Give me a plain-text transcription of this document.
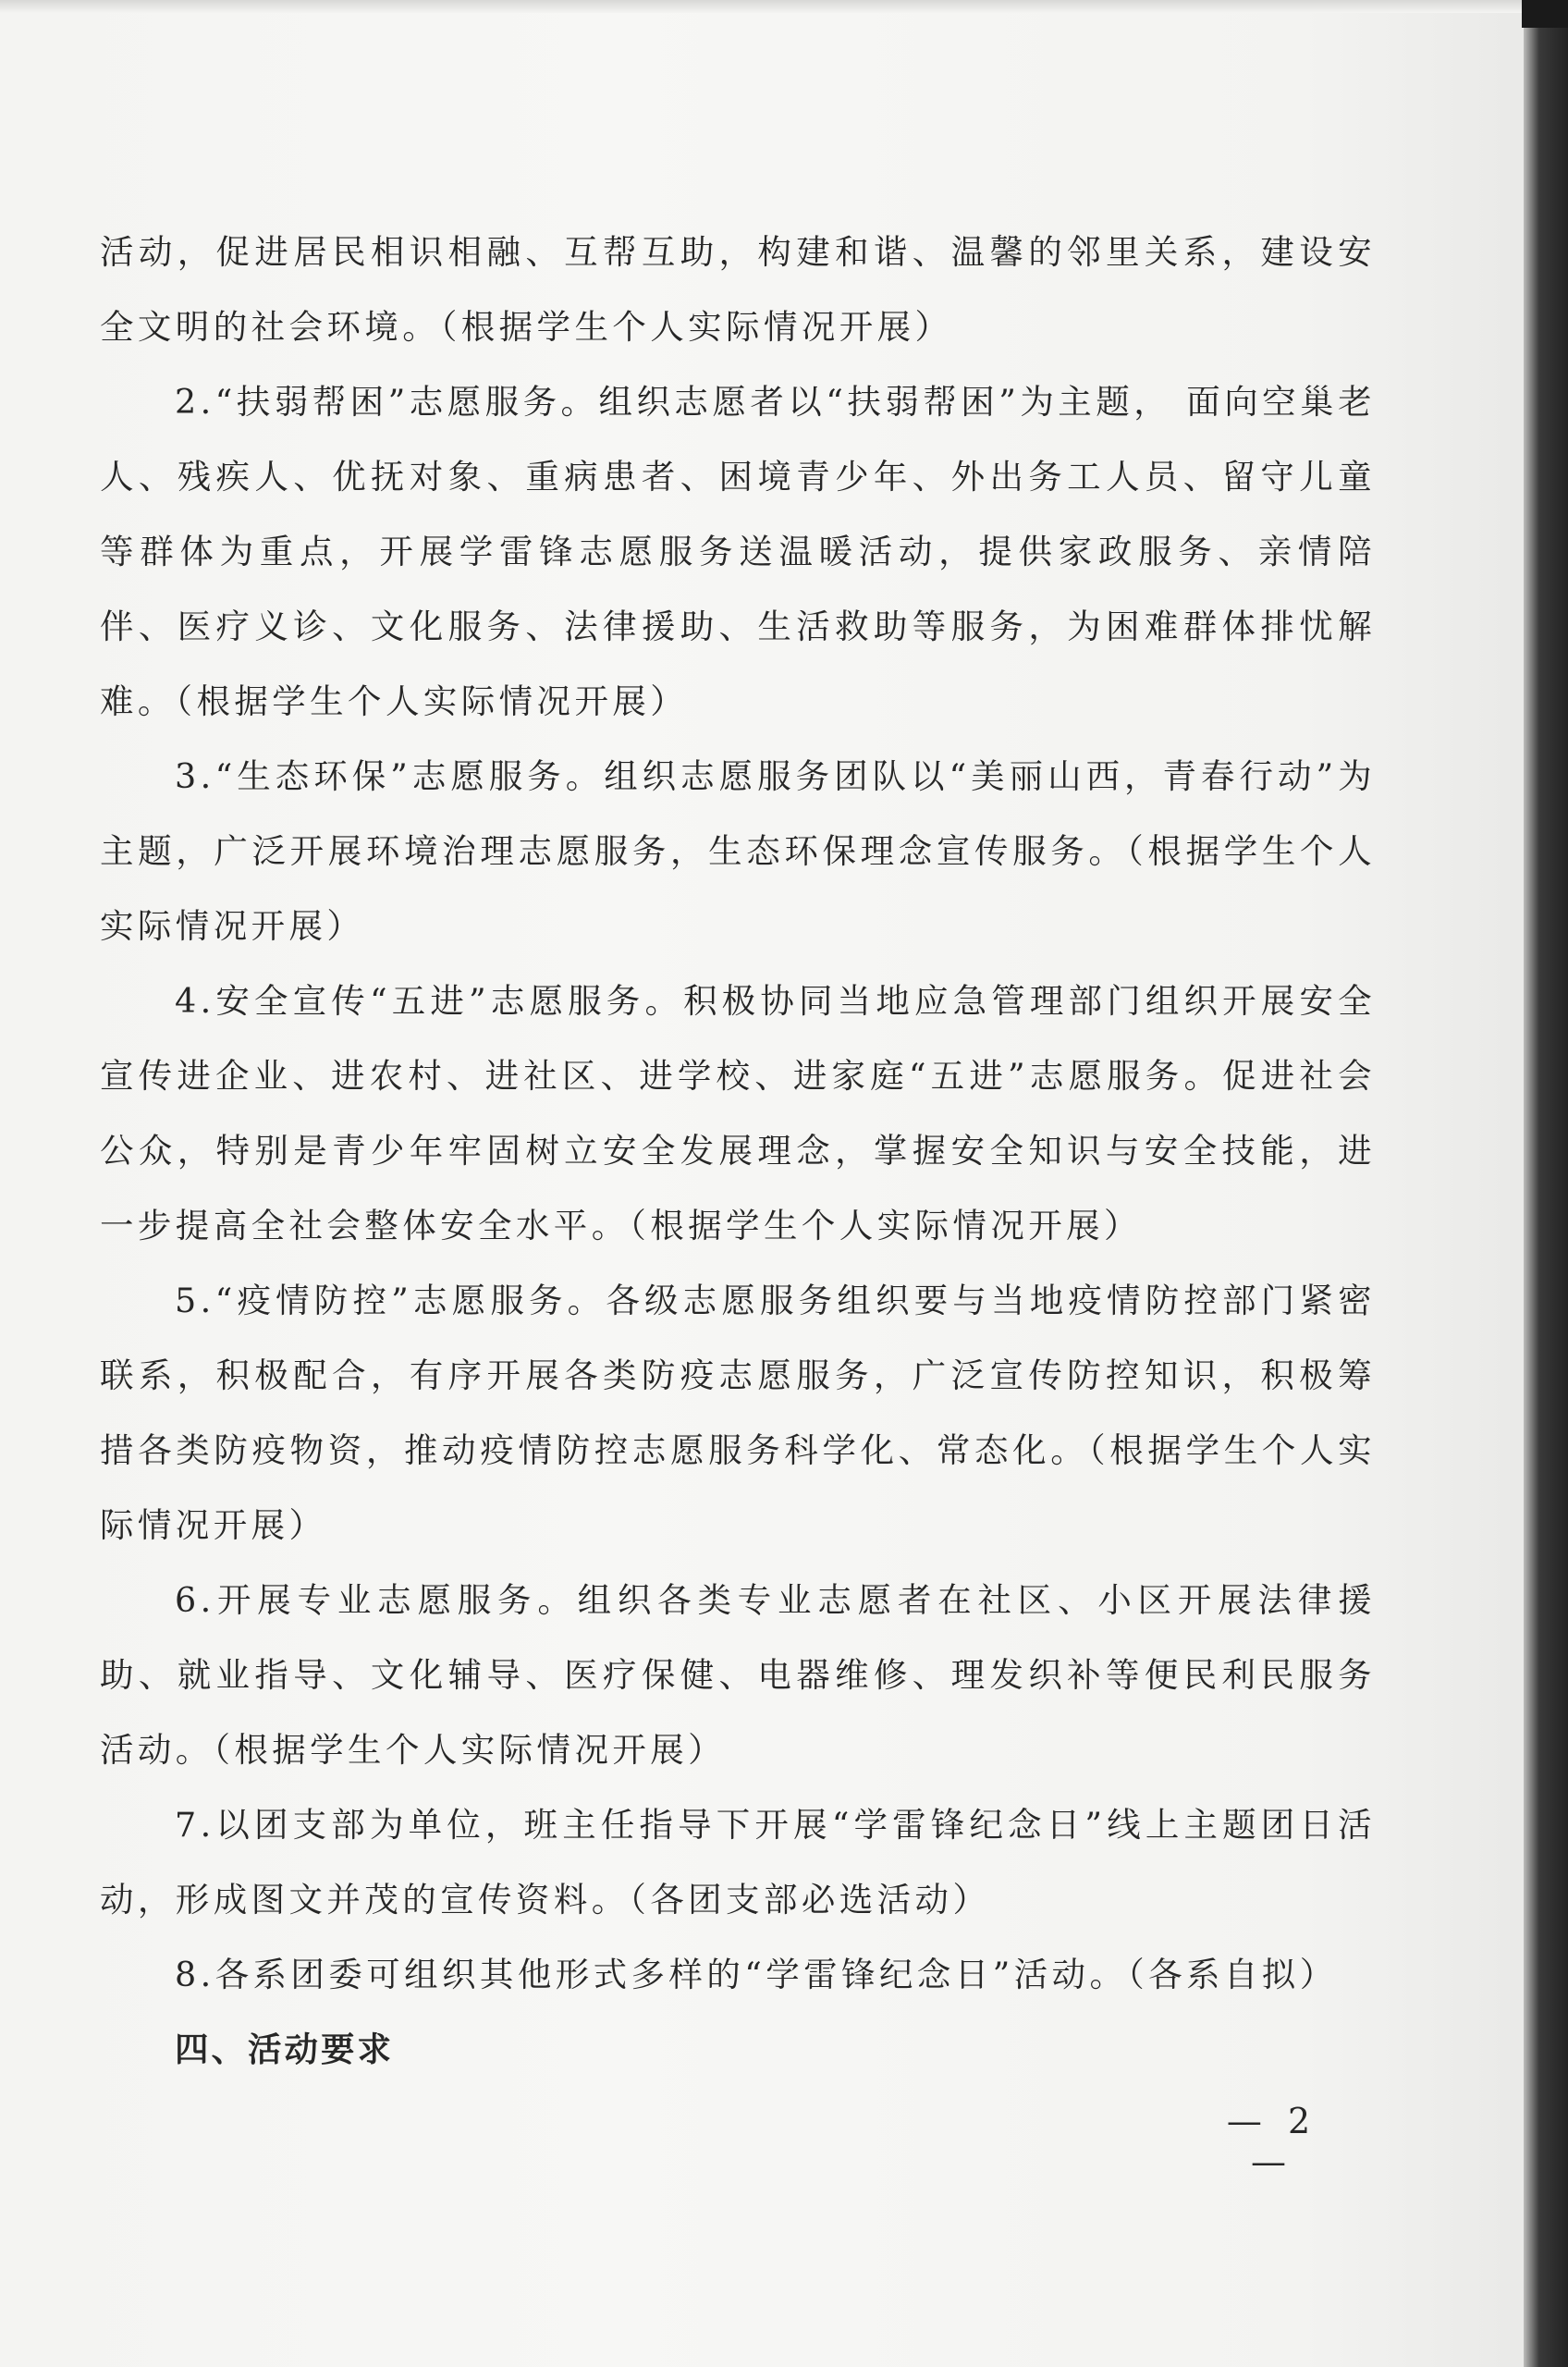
活动，促进居民相识相融、互帮互助，构建和谐、温馨的邻里关系，建设安全文明的社会环境。（根据学生个人实际情况开展）

2.“扶弱帮困”志愿服务。组织志愿者以“扶弱帮困”为主题， 面向空巢老人、残疾人、优抚对象、重病患者、困境青少年、外出务工人员、留守儿童等群体为重点，开展学雷锋志愿服务送温暖活动，提供家政服务、亲情陪伴、医疗义诊、文化服务、法律援助、生活救助等服务，为困难群体排忧解难。（根据学生个人实际情况开展）

3.“生态环保”志愿服务。组织志愿服务团队以“美丽山西，青春行动”为主题，广泛开展环境治理志愿服务，生态环保理念宣传服务。（根据学生个人实际情况开展）

4.安全宣传“五进”志愿服务。积极协同当地应急管理部门组织开展安全宣传进企业、进农村、进社区、进学校、进家庭“五进”志愿服务。促进社会公众，特别是青少年牢固树立安全发展理念，掌握安全知识与安全技能，进一步提高全社会整体安全水平。（根据学生个人实际情况开展）

5.“疫情防控”志愿服务。各级志愿服务组织要与当地疫情防控部门紧密联系，积极配合，有序开展各类防疫志愿服务，广泛宣传防控知识，积极筹措各类防疫物资，推动疫情防控志愿服务科学化、常态化。（根据学生个人实际情况开展）

6.开展专业志愿服务。组织各类专业志愿者在社区、小区开展法律援助、就业指导、文化辅导、医疗保健、电器维修、理发织补等便民利民服务活动。（根据学生个人实际情况开展）

7.以团支部为单位，班主任指导下开展“学雷锋纪念日”线上主题团日活动，形成图文并茂的宣传资料。（各团支部必选活动）

8.各系团委可组织其他形式多样的“学雷锋纪念日”活动。（各系自拟）

四、活动要求

— 2 —
